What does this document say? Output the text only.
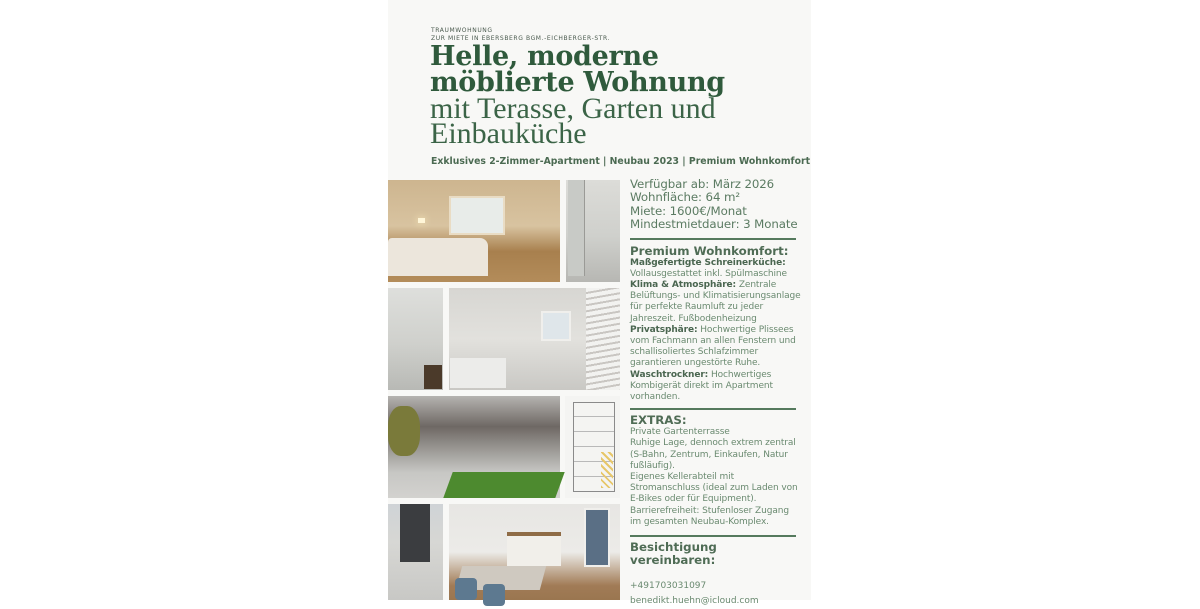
TRAUMWOHNUNG
ZUR MIETE IN EBERSBERG BGM.-EICHBERGER-STR.
Helle, moderne
möblierte Wohnung
mit Terasse, Garten und
Einbauküche
Exklusives 2-Zimmer-Apartment | Neubau 2023 | Premium Wohnkomfort
Verfügbar ab: März 2026
Wohnfläche: 64 m²
Miete: 1600€/Monat
Mindestmietdauer: 3 Monate
Premium Wohnkomfort:
Maßgefertigte Schreinerküche:
Vollausgestattet inkl. Spülmaschine
Klima & Atmosphäre: Zentrale Belüftungs- und Klimatisierungsanlage für perfekte Raumluft zu jeder Jahreszeit. Fußbodenheizung
Privatsphäre: Hochwertige Plissees vom Fachmann an allen Fenstern und schallisoliertes Schlafzimmer garantieren ungestörte Ruhe.
Waschtrockner: Hochwertiges Kombigerät direkt im Apartment vorhanden.
EXTRAS:
Private Gartenterrasse
Ruhige Lage, dennoch extrem zentral (S-Bahn, Zentrum, Einkaufen, Natur fußläufig).
Eigenes Kellerabteil mit Stromanschluss (ideal zum Laden von E-Bikes oder für Equipment).
Barrierefreiheit: Stufenloser Zugang im gesamten Neubau-Komplex.
Besichtigung vereinbaren:
+491703031097
benedikt.huehn@icloud.com
